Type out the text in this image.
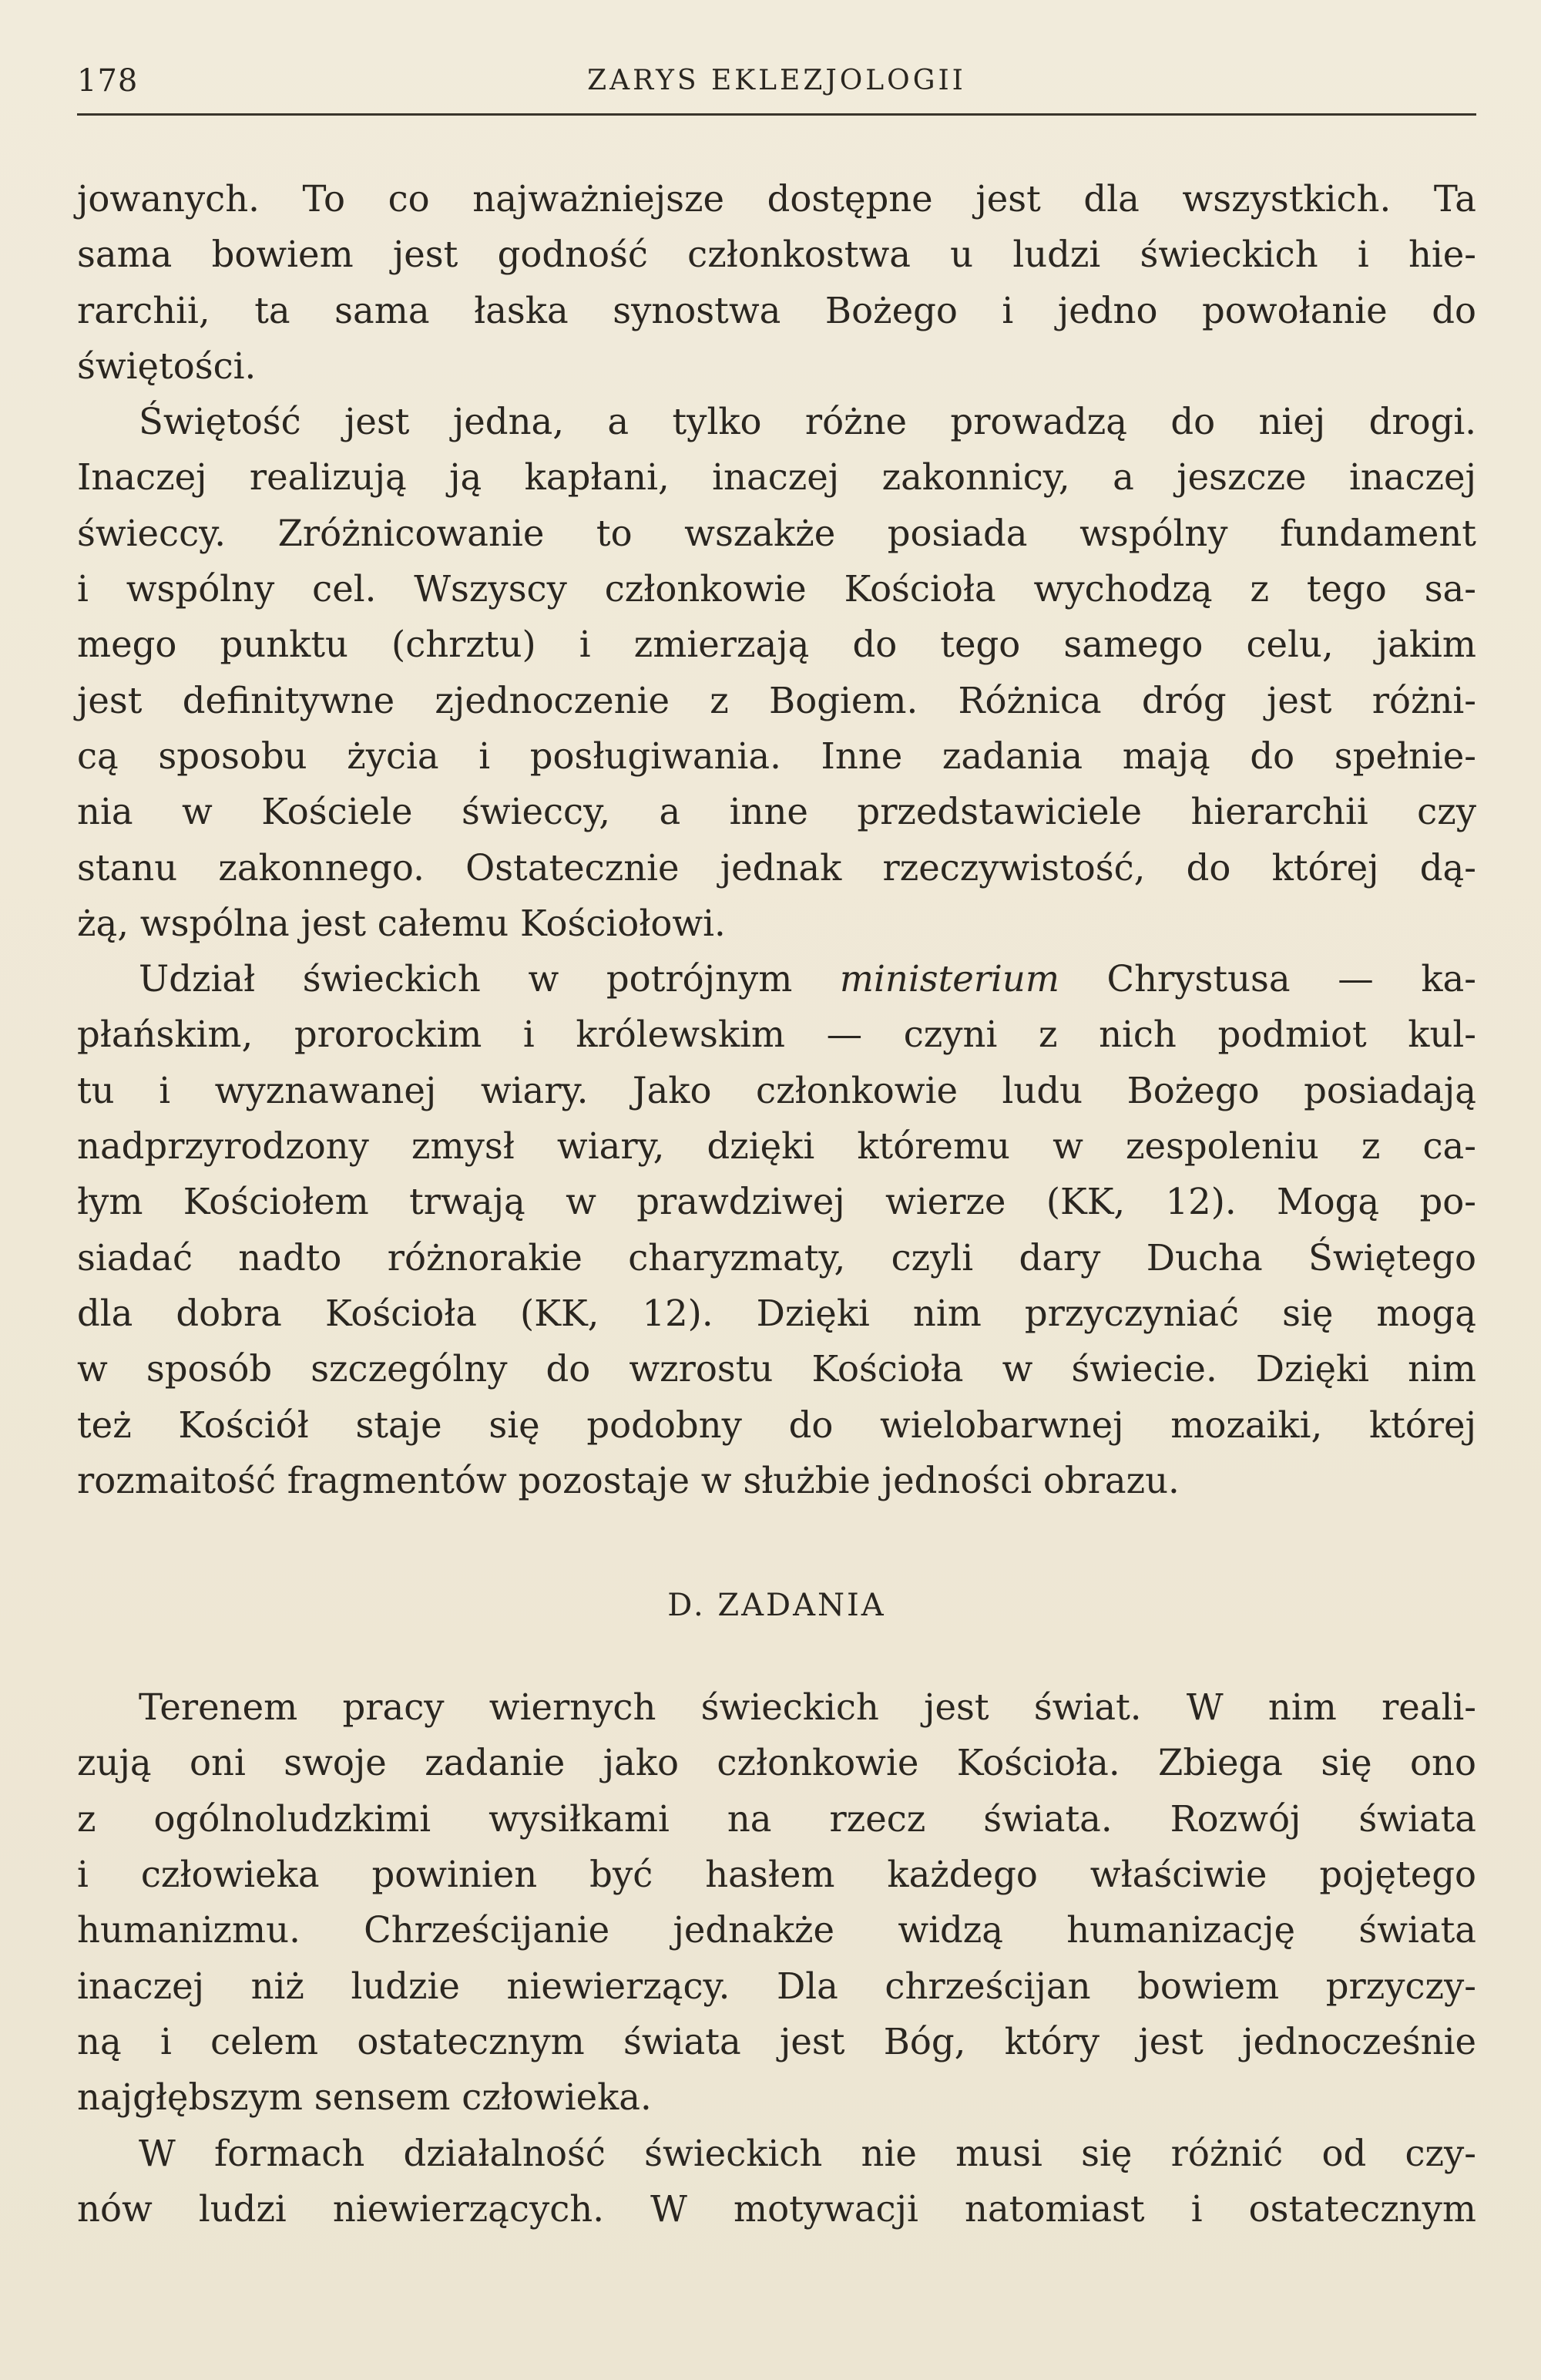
178	ZARYS EKLEZJOLOGII
jowanych. To co najważniejsze dostępne jest dla wszystkich. Ta
sama bowiem jest godność członkostwa u ludzi świeckich i hie-
rarchii, ta sama łaska synostwa Bożego i jedno powołanie do
świętości.
Świętość jest jedna, a tylko różne prowadzą do niej drogi.
Inaczej realizują ją kapłani, inaczej zakonnicy, a jeszcze inaczej
świeccy. Zróżnicowanie to wszakże posiada wspólny fundament
i wspólny cel. Wszyscy członkowie Kościoła wychodzą z tego sa-
mego punktu (chrztu) i zmierzają do tego samego celu, jakim
jest definitywne zjednoczenie z Bogiem. Różnica dróg jest różni-
cą sposobu życia i posługiwania. Inne zadania mają do spełnie-
nia w Kościele świeccy, a inne przedstawiciele hierarchii czy
stanu zakonnego. Ostatecznie jednak rzeczywistość, do której dą-
żą, wspólna jest całemu Kościołowi.
Udział świeckich w potrójnym ministerium Chrystusa — ka-
płańskim, prorockim i królewskim — czyni z nich podmiot kul-
tu i wyznawanej wiary. Jako członkowie ludu Bożego posiadają
nadprzyrodzony zmysł wiary, dzięki któremu w zespoleniu z ca-
łym Kościołem trwają w prawdziwej wierze (KK, 12). Mogą po-
siadać nadto różnorakie charyzmaty, czyli dary Ducha Świętego
dla dobra Kościoła (KK, 12). Dzięki nim przyczyniać się mogą
w sposób szczególny do wzrostu Kościoła w świecie. Dzięki nim
też Kościół staje się podobny do wielobarwnej mozaiki, której
rozmaitość fragmentów pozostaje w służbie jedności obrazu.
D. ZADANIA
Terenem pracy wiernych świeckich jest świat. W nim reali-
zują oni swoje zadanie jako członkowie Kościoła. Zbiega się ono
z ogólnoludzkimi wysiłkami na rzecz świata. Rozwój świata
i człowieka powinien być hasłem każdego właściwie pojętego
humanizmu. Chrześcijanie jednakże widzą humanizację świata
inaczej niż ludzie niewierzący. Dla chrześcijan bowiem przyczy-
ną i celem ostatecznym świata jest Bóg, który jest jednocześnie
najgłębszym sensem człowieka.
W formach działalność świeckich nie musi się różnić od czy-
nów ludzi niewierzących. W motywacji natomiast i ostatecznym
